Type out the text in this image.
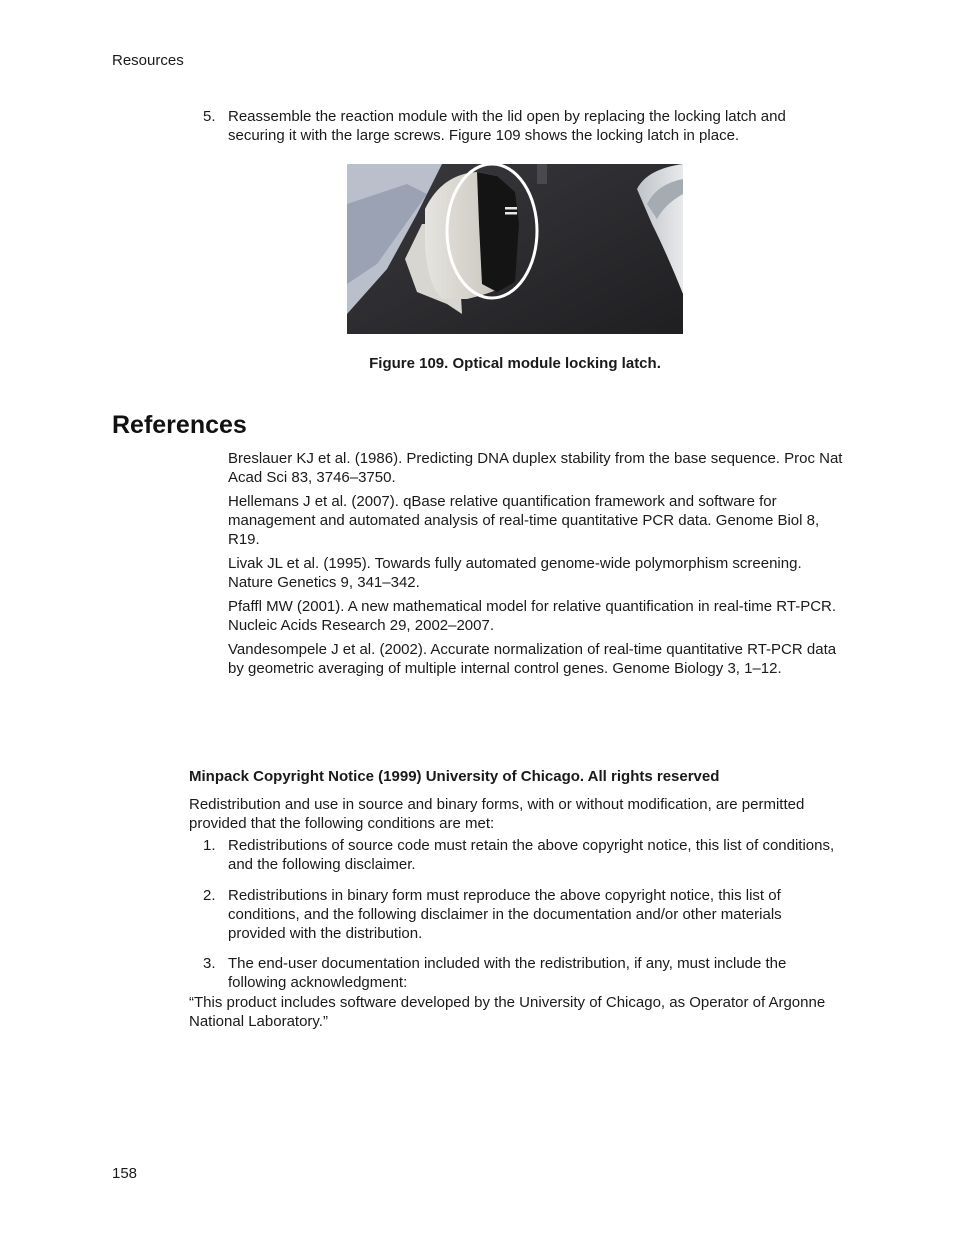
Resources
5. Reassemble the reaction module with the lid open by replacing the locking latch and securing it with the large screws. Figure 109 shows the locking latch in place.
Figure 109. Optical module locking latch.
References

Breslauer KJ et al. (1986). Predicting DNA duplex stability from the base sequence. Proc Nat Acad Sci 83, 3746–3750.

Hellemans J et al. (2007). qBase relative quantification framework and software for management and automated analysis of real-time quantitative PCR data. Genome Biol 8, R19.

Livak JL et al. (1995). Towards fully automated genome-wide polymorphism screening. Nature Genetics 9, 341–342.

Pfaffl MW (2001). A new mathematical model for relative quantification in real-time RT-PCR. Nucleic Acids Research 29, 2002–2007.

Vandesompele J et al. (2002). Accurate normalization of real-time quantitative RT-PCR data by geometric averaging of multiple internal control genes. Genome Biology 3, 1–12.

Minpack Copyright Notice (1999) University of Chicago. All rights reserved
Redistribution and use in source and binary forms, with or without modification, are permitted provided that the following conditions are met:
1. Redistributions of source code must retain the above copyright notice, this list of conditions, and the following disclaimer.
2. Redistributions in binary form must reproduce the above copyright notice, this list of conditions, and the following disclaimer in the documentation and/or other materials provided with the distribution.
3. The end-user documentation included with the redistribution, if any, must include the following acknowledgment:
“This product includes software developed by the University of Chicago, as Operator of Argonne National Laboratory.”
158
